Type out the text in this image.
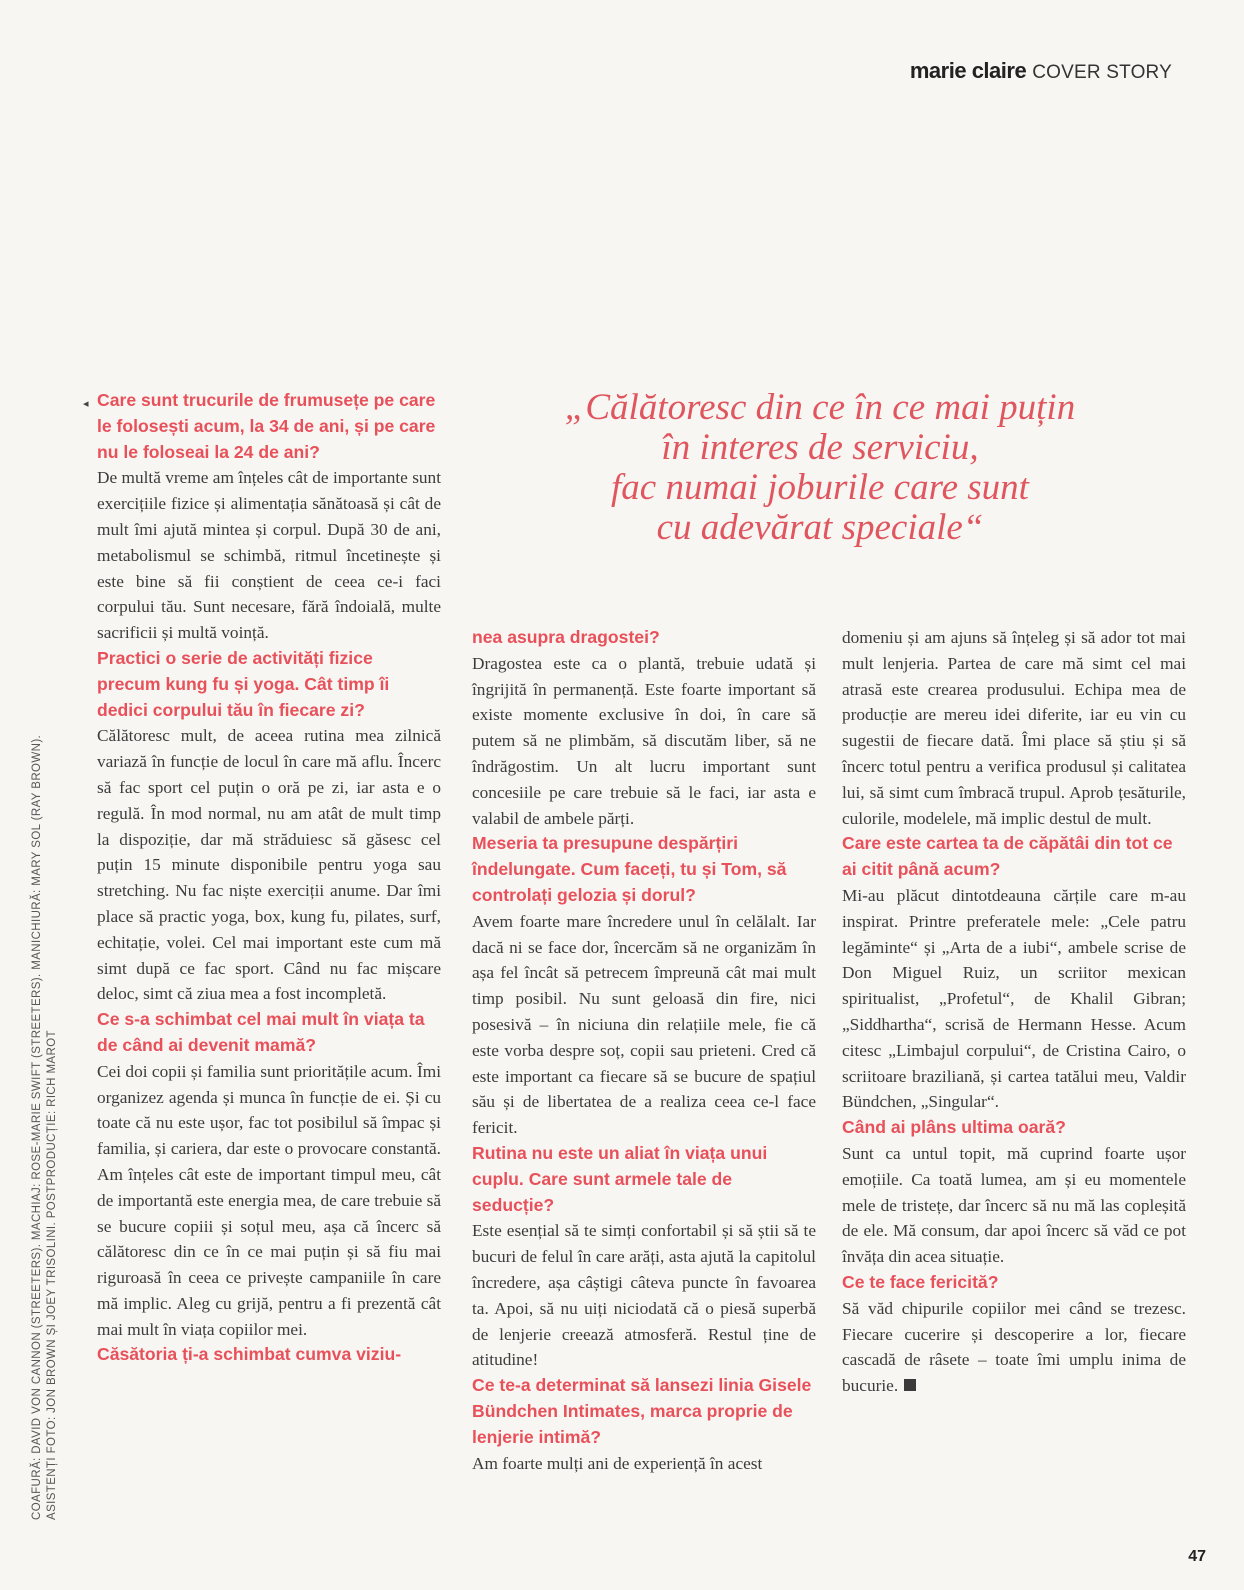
marie claire COVER STORY
„Călătoresc din ce în ce mai puțin
în interes de serviciu,
fac numai joburile care sunt
cu adevărat speciale“
◂ Care sunt trucurile de frumusețe pe care le folosești acum, la 34 de ani, și pe care nu le foloseai la 24 de ani?

De multă vreme am înțeles cât de importante sunt exercițiile fizice și alimentația sănătoasă și cât de mult îmi ajută mintea și corpul. După 30 de ani, metabolismul se schimbă, ritmul încetinește și este bine să fii conștient de ceea ce-i faci corpului tău. Sunt necesare, fără îndoială, multe sacrificii și multă voință.

Practici o serie de activități fizice precum kung fu și yoga. Cât timp îi dedici corpului tău în fiecare zi?

Călătoresc mult, de aceea rutina mea zilnică variază în funcție de locul în care mă aflu. Încerc să fac sport cel puțin o oră pe zi, iar asta e o regulă. În mod normal, nu am atât de mult timp la dispoziție, dar mă străduiesc să găsesc cel puțin 15 minute disponibile pentru yoga sau stretching. Nu fac niște exerciții anume. Dar îmi place să practic yoga, box, kung fu, pilates, surf, echitație, volei. Cel mai important este cum mă simt după ce fac sport. Când nu fac mișcare deloc, simt că ziua mea a fost incompletă.

Ce s-a schimbat cel mai mult în viața ta de când ai devenit mamă?

Cei doi copii și familia sunt prioritățile acum. Îmi organizez agenda și munca în funcție de ei. Și cu toate că nu este ușor, fac tot posibilul să împac și familia, și cariera, dar este o provocare constantă. Am înțeles cât este de important timpul meu, cât de importantă este energia mea, de care trebuie să se bucure copiii și soțul meu, așa că încerc să călătoresc din ce în ce mai puțin și să fiu mai riguroasă în ceea ce privește campaniile în care mă implic. Aleg cu grijă, pentru a fi prezentă cât mai mult în viața copiilor mei.

Căsătoria ți-a schimbat cumva viziu-
nea asupra dragostei?

Dragostea este ca o plantă, trebuie udată și îngrijită în permanență. Este foarte important să existe momente exclusive în doi, în care să putem să ne plimbăm, să discutăm liber, să ne îndrăgostim. Un alt lucru important sunt concesiile pe care trebuie să le faci, iar asta e valabil de ambele părți.

Meseria ta presupune despărțiri îndelungate. Cum faceți, tu și Tom, să controlați gelozia și dorul?

Avem foarte mare încredere unul în celălalt. Iar dacă ni se face dor, încercăm să ne organizăm în așa fel încât să petrecem împreună cât mai mult timp posibil. Nu sunt geloasă din fire, nici posesivă – în niciuna din relațiile mele, fie că este vorba despre soț, copii sau prieteni. Cred că este important ca fiecare să se bucure de spațiul său și de libertatea de a realiza ceea ce-l face fericit.

Rutina nu este un aliat în viața unui cuplu. Care sunt armele tale de seducție?

Este esențial să te simți confortabil și să știi să te bucuri de felul în care arăți, asta ajută la capitolul încredere, așa câștigi câteva puncte în favoarea ta. Apoi, să nu uiți niciodată că o piesă superbă de lenjerie creează atmosferă. Restul ține de atitudine!

Ce te-a determinat să lansezi linia Gisele Bündchen Intimates, marca proprie de lenjerie intimă?

Am foarte mulți ani de experiență în acest

domeniu și am ajuns să înțeleg și să ador tot mai mult lenjeria. Partea de care mă simt cel mai atrasă este crearea produsului. Echipa mea de producție are mereu idei diferite, iar eu vin cu sugestii de fiecare dată. Îmi place să știu și să încerc totul pentru a verifica produsul și calitatea lui, să simt cum îmbracă trupul. Aprob țesăturile, culorile, modelele, mă implic destul de mult.

Care este cartea ta de căpătâi din tot ce ai citit până acum?

Mi-au plăcut dintotdeauna cărțile care m-au inspirat. Printre preferatele mele: „Cele patru legăminte“ și „Arta de a iubi“, ambele scrise de Don Miguel Ruiz, un scriitor mexican spiritualist, „Profetul“, de Khalil Gibran; „Siddhartha“, scrisă de Hermann Hesse. Acum citesc „Limbajul corpului“, de Cristina Cairo, o scriitoare braziliană, și cartea tatălui meu, Valdir Bündchen, „Singular“.

Când ai plâns ultima oară?

Sunt ca untul topit, mă cuprind foarte ușor emoțiile. Ca toată lumea, am și eu momentele mele de tristețe, dar încerc să nu mă las copleșită de ele. Mă consum, dar apoi încerc să văd ce pot învăța din acea situație.

Ce te face fericită?

Să văd chipurile copiilor mei când se trezesc. Fiecare cucerire și descoperire a lor, fiecare cascadă de râsete – toate îmi umplu inima de bucurie.

COAFURĂ: DAVID VON CANNON (STREETERS). MACHIAJ: ROSE-MARIE SWIFT (STREETERS). MANICHIURĂ: MARY SOL (RAY BROWN). ASISTENȚI FOTO: JON BROWN ȘI JOEY TRISOLINI. POSTPRODUCȚIE: RICH MAROT
47
